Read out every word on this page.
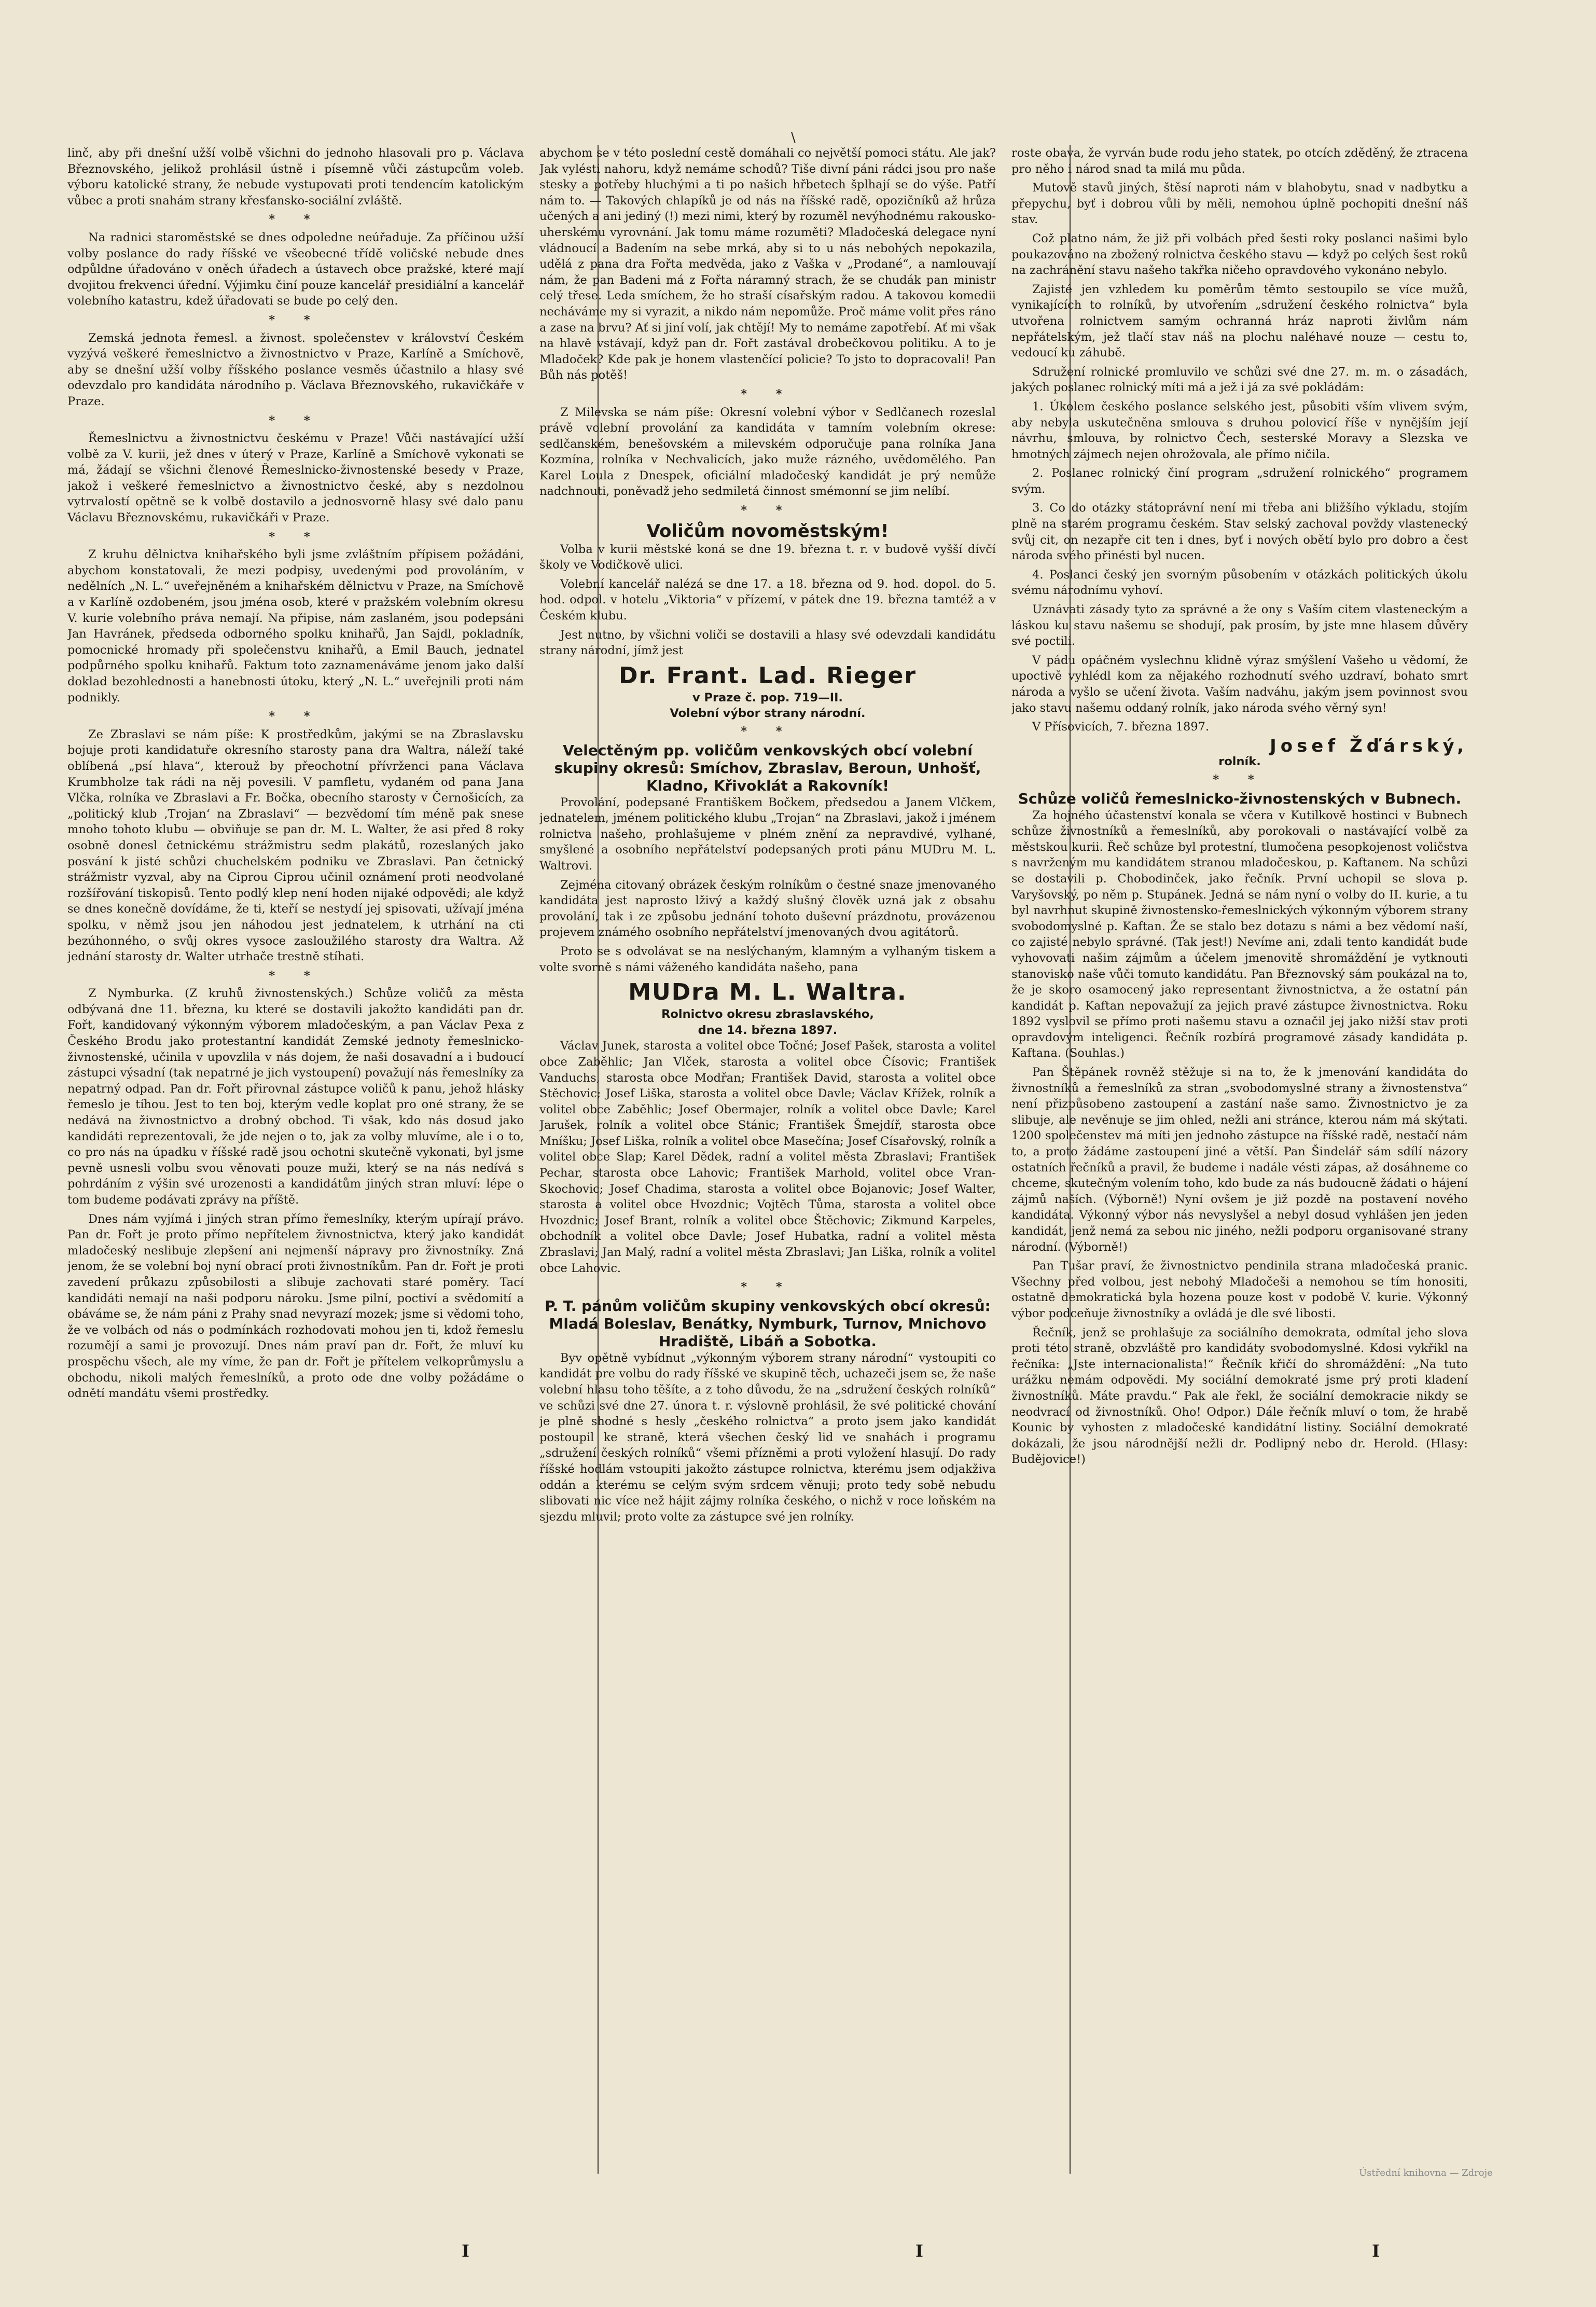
\

linč, aby při dnešní užší volbě všichni do jednoho hlasovali pro p. Václava Březnovského, jelikož prohlásil ústně i písemně vůči zástupcům voleb. výboru katolické strany, že nebude vystupovati proti tendencím katolickým vůbec a proti snahám strany křesťansko-sociální zvláště.

* *

Na radnici staroměstské se dnes odpoledne neúřaduje. Za příčinou užší volby poslance do rady říšské ve všeobecné třídě voličské nebude dnes odpůldne úřadováno v oněch úřadech a ústavech obce pražské, které mají dvojitou frekvenci úřední. Výjimku činí pouze kancelář presidiální a kancelář volebního katastru, kdež úřadovati se bude po celý den.

* *

Zemská jednota řemesl. a živnost. společenstev v království Českém vyzývá veškeré řemeslnictvo a živnostnictvo v Praze, Karlíně a Smíchově, aby se dnešní užší volby říšského poslance vesměs účastnilo a hlasy své odevzdalo pro kandidáta národního p. Václava Březnovského, rukavičkáře v Praze.

* *

Řemeslnictvu a živnostnictvu českému v Praze! Vůči nastávající užší volbě za V. kurii, jež dnes v úterý v Praze, Karlíně a Smíchově vykonati se má, žádají se všichni členové Řemeslnicko-živnostenské besedy v Praze, jakož i veškeré řemeslnictvo a živnostnictvo české, aby s nezdolnou vytrvalostí opětně se k volbě dostavilo a jednosvorně hlasy své dalo panu Václavu Březnovskému, rukavičkáři v Praze.

* *

Z kruhu dělnictva knihařského byli jsme zvláštním přípisem požádáni, abychom konstatovali, že mezi podpisy, uvedenými pod provoláním, v nedělních „N. L.“ uveřejněném a knihařském dělnictvu v Praze, na Smíchově a v Karlíně ozdobeném, jsou jména osob, které v pražském volebním okresu V. kurie volebního práva nemají. Na připise, nám zaslaném, jsou podepsáni Jan Havránek, předseda odborného spolku knihařů, Jan Sajdl, pokladník, pomocnické hromady při společenstvu knihařů, a Emil Bauch, jednatel podpůrného spolku knihařů. Faktum toto zaznamenáváme jenom jako další doklad bezohlednosti a hanebnosti útoku, který „N. L.“ uveřejnili proti nám podnikly.

* *

Ze Zbraslavi se nám píše: K prostředkům, jakými se na Zbraslavsku bojuje proti kandidatuře okresního starosty pana dra Waltra, náleží také oblíbená „psí hlava“, kterouž by přeochotní přívrženci pana Václava Krumbholze tak rádi na něj povesili. V pamfletu, vydaném od pana Jana Vlčka, rolníka ve Zbraslavi a Fr. Bočka, obecního starosty v Černošicích, za „politický klub ‚Trojan‘ na Zbraslavi“ — bezvědomí tím méně pak snese mnoho tohoto klubu — obviňuje se pan dr. M. L. Walter, že asi před 8 roky osobně donesl četnickému strážmistru sedm plakátů, rozeslaných jako posvání k jisté schůzi chuchelském podniku ve Zbraslavi. Pan četnický strážmistr vyzval, aby na Ciprou Ciprou učinil oznámení proti neodvolané rozšířování tiskopisů. Tento podlý klep není hoden nijaké odpovědi; ale když se dnes konečně dovídáme, že ti, kteří se nestydí jej spisovati, užívají jména spolku, v němž jsou jen náhodou jest jednatelem, k utrhání na cti bezúhonného, o svůj okres vysoce zasloužilého starosty dra Waltra. Až jednání starosty dr. Walter utrhače trestně stíhati.

* *

Z Nymburka. (Z kruhů živnostenských.) Schůze voličů za města odbývaná dne 11. března, ku které se dostavili jakožto kandidáti pan dr. Fořt, kandidovaný výkonným výborem mladočeským, a pan Václav Pexa z Českého Brodu jako protestantní kandidát Zemské jednoty řemeslnicko-živnostenské, učinila v upovzlila v nás dojem, že naši dosavadní a i budoucí zástupci výsadní (tak nepatrné je jich vystoupení) považují nás řemeslníky za nepatrný odpad. Pan dr. Fořt přirovnal zástupce voličů k panu, jehož hlásky řemeslo je tíhou. Jest to ten boj, kterým vedle koplat pro oné strany, že se nedává na živnostnictvo a drobný obchod. Ti však, kdo nás dosud jako kandidáti reprezentovali, že jde nejen o to, jak za volby mluvíme, ale i o to, co pro nás na úpadku v říšské radě jsou ochotni skutečně vykonati, byl jsme pevně usnesli volbu svou věnovati pouze muži, který se na nás nedívá s pohrdáním z výšin své urozenosti a kandidátům jiných stran mluví: lépe o tom budeme podávati zprávy na příště.

Dnes nám vyjímá i jiných stran přímo řemeslníky, kterým upírají právo. Pan dr. Fořt je proto přímo nepřítelem živnostnictva, který jako kandidát mladočeský neslibuje zlepšení ani nejmenší nápravy pro živnostníky. Zná jenom, že se volební boj nyní obrací proti živnostníkům. Pan dr. Fořt je proti zavedení průkazu způsobilosti a slibuje zachovati staré poměry. Tací kandidáti nemají na naši podporu nároku. Jsme pilní, poctiví a svědomití a obáváme se, že nám páni z Prahy snad nevyrazí mozek; jsme si vědomi toho, že ve volbách od nás o podmínkách rozhodovati mohou jen ti, kdož řemeslu rozumějí a sami je provozují. Dnes nám praví pan dr. Fořt, že mluví ku prospěchu všech, ale my víme, že pan dr. Fořt je přítelem velkoprůmyslu a obchodu, nikoli malých řemeslníků, a proto ode dne volby požádáme o odnětí mandátu všemi prostředky.

abychom se v této poslední cestě domáhali co největší pomoci státu. Ale jak? Jak vylésti nahoru, když nemáme schodů? Tiše divní páni rádci jsou pro naše stesky a potřeby hluchými a ti po našich hřbetech šplhají se do výše. Patří nám to. — Takových chlapíků je od nás na říšské radě, opozičníků až hrůza učených a ani jediný (!) mezi nimi, který by rozuměl nevýhodnému rakousko-uherskému vyrovnání. Jak tomu máme rozuměti? Mladočeská delegace nyní vládnoucí a Badením na sebe mrká, aby si to u nás nebohých nepokazila, udělá z pana dra Fořta medvěda, jako z Vaška v „Prodané“, a namlouvají nám, že pan Badeni má z Fořta náramný strach, že se chudák pan ministr celý třese. Leda smíchem, že ho straší císařským radou. A takovou komedii necháváme my si vyrazit, a nikdo nám nepomůže. Proč máme volit přes ráno a zase na brvu? Ať si jiní volí, jak chtějí! My to nemáme zapotřebí. Ať mi však na hlavě vstávají, když pan dr. Fořt zastával drobečkovou politiku. A to je Mladoček? Kde pak je honem vlastenčící policie? To jsto to dopracovali! Pan Bůh nás potěš!

* *

Z Milevska se nám píše: Okresní volební výbor v Sedlčanech rozeslal právě volební provolání za kandidáta v tamním volebním okrese: sedlčanském, benešovském a milevském odporučuje pana rolníka Jana Kozmína, rolníka v Nechvalicích, jako muže rázného, uvědomělého. Pan Karel Loula z Dnespek, oficiální mladočeský kandidát je prý nemůže nadchnouti, poněvadž jeho sedmiletá činnost smémonní se jim nelíbí.

* *
Voličům novoměstským!

Volba v kurii městské koná se dne 19. března t. r. v budově vyšší dívčí školy ve Vodičkově ulici.

Volební kancelář nalézá se dne 17. a 18. března od 9. hod. dopol. do 5. hod. odpol. v hotelu „Viktoria“ v přízemí, v pátek dne 19. března tamtéž a v Českém klubu.

Jest nutno, by všichni voliči se dostavili a hlasy své odevzdali kandidátu strany národní, jímž jest

Dr. Frant. Lad. Rieger
v Praze č. pop. 719—II.
Volební výbor strany národní.
* *
Velectěným pp. voličům venkovských obcí volební skupiny okresů: Smíchov, Zbraslav, Beroun, Unhošť, Kladno, Křivoklát a Rakovník!

Provolání, podepsané Františkem Bočkem, předsedou a Janem Vlčkem, jednatelem, jménem politického klubu „Trojan“ na Zbraslavi, jakož i jménem rolnictva našeho, prohlašujeme v plném znění za nepravdivé, vylhané, smyšlené a osobního nepřátelství podepsaných proti pánu MUDru M. L. Waltrovi.

Zejména citovaný obrázek českým rolníkům o čestné snaze jmenovaného kandidáta jest naprosto lživý a každý slušný člověk uzná jak z obsahu provolání, tak i ze způsobu jednání tohoto duševní prázdnotu, provázenou projevem známého osobního nepřátelství jmenovaných dvou agitátorů.

Proto se s odvolávat se na neslýchaným, klamným a vylhaným tiskem a volte svorně s námi váženého kandidáta našeho, pana

MUDra M. L. Waltra.
Rolnictvo okresu zbraslavského,
dne 14. března 1897.

Václav Junek, starosta a volitel obce Točné; Josef Pašek, starosta a volitel obce Zaběhlic; Jan Vlček, starosta a volitel obce Čísovic; František Vanduchs, starosta obce Modřan; František David, starosta a volitel obce Stěchovic; Josef Liška, starosta a volitel obce Davle; Václav Křížek, rolník a volitel obce Zaběhlic; Josef Obermajer, rolník a volitel obce Davle; Karel Jarušek, rolník a volitel obce Stánic; František Šmejdíř, starosta obce Mníšku; Josef Liška, rolník a volitel obce Masečína; Josef Císařovský, rolník a volitel obce Slap; Karel Dědek, radní a volitel města Zbraslavi; František Pechar, starosta obce Lahovic; František Marhold, volitel obce Vran-Skochovic; Josef Chadima, starosta a volitel obce Bojanovic; Josef Walter, starosta a volitel obce Hvozdnic; Vojtěch Tůma, starosta a volitel obce Hvozdnic; Josef Brant, rolník a volitel obce Štěchovic; Zikmund Karpeles, obchodník a volitel obce Davle; Josef Hubatka, radní a volitel města Zbraslavi; Jan Malý, radní a volitel města Zbraslavi; Jan Liška, rolník a volitel obce Lahovic.

* *
P. T. pánům voličům skupiny venkovských obcí okresů: Mladá Boleslav, Benátky, Nymburk, Turnov, Mnichovo Hradiště, Libáň a Sobotka.

Byv opětně vybídnut „výkonným výborem strany národní“ vystoupiti co kandidát pre volbu do rady říšské ve skupině těch, uchazeči jsem se, že naše volební hlasu toho těšíte, a z toho důvodu, že na „sdružení českých rolníků“ ve schůzi své dne 27. února t. r. výslovně prohlásil, že své politické chování je plně shodné s hesly „českého rolnictva“ a proto jsem jako kandidát postoupil ke straně, která všechen český lid ve snahách i programu „sdružení českých rolníků“ všemi přízněmi a proti vyložení hlasují. Do rady říšské hodlám vstoupiti jakožto zástupce rolnictva, kterému jsem odjakživa oddán a kterému se celým svým srdcem věnuji; proto tedy sobě nebudu slibovati nic více než hájit zájmy rolníka českého, o nichž v roce loňském na sjezdu mluvil; proto volte za zástupce své jen rolníky.

roste obava, že vyrván bude rodu jeho statek, po otcích zděděný, že ztracena pro něho i národ snad ta milá mu půda.

Mutově stavů jiných, štěsí naproti nám v blahobytu, snad v nadbytku a přepychu, byť i dobrou vůli by měli, nemohou úplně pochopiti dnešní náš stav.

Což platno nám, že již při volbách před šesti roky poslanci našimi bylo poukazováno na zbožený rolnictva českého stavu — když po celých šest roků na zachránění stavu našeho takřka ničeho opravdového vykonáno nebylo.

Zajisté jen vzhledem ku poměrům těmto sestoupilo se více mužů, vynikajících to rolníků, by utvořením „sdružení českého rolnictva“ byla utvořena rolnictvem samým ochranná hráz naproti živlům nám nepřátelským, jež tlačí stav náš na plochu naléhavé nouze — cestu to, vedoucí ku záhubě.

Sdružení rolnické promluvilo ve schůzi své dne 27. m. m. o zásadách, jakých poslanec rolnický míti má a jež i já za své pokládám:

1. Úkolem českého poslance selského jest, působiti vším vlivem svým, aby nebyla uskutečněna smlouva s druhou polovicí říše v nynějším její návrhu, smlouva, by rolnictvo Čech, sesterské Moravy a Slezska ve hmotných zájmech nejen ohrožovala, ale přímo ničila.

2. Poslanec rolnický činí program „sdružení rolnického“ programem svým.

3. Co do otázky státoprávní není mi třeba ani bližšího výkladu, stojím plně na starém programu českém. Stav selský zachoval povždy vlastenecký svůj cit, on nezapře cit ten i dnes, byť i nových obětí bylo pro dobro a čest národa svého přinésti byl nucen.

4. Poslanci český jen svorným působením v otázkách politických úkolu svému národnímu vyhoví.

Uznávati zásady tyto za správné a že ony s Vaším citem vlasteneckým a láskou ku stavu našemu se shodují, pak prosím, by jste mne hlasem důvěry své poctili.

V pádu opáčném vyslechnu klidně výraz smýšlení Vašeho u vědomí, že upoctivě vyhlédl kom za nějakého rozhodnutí svého uzdraví, bohato smrt národa a vyšlo se učení života. Vaším nadváhu, jakým jsem povinnost svou jako stavu našemu oddaný rolník, jako národa svého věrný syn!

V Přísovicích, 7. března 1897.

Josef Žďárský,
rolník.
* *
Schůze voličů řemeslnicko-živnostenských v Bubnech.

Za hojného účastenství konala se včera v Kutilkově hostinci v Bubnech schůze živnostníků a řemeslníků, aby porokovali o nastávající volbě za městskou kurii. Řeč schůze byl protestní, tlumočena pesopkojenost voličstva s navrženým mu kandidátem stranou mladočeskou, p. Kaftanem. Na schůzi se dostavili p. Chobodinček, jako řečník. První uchopil se slova p. Varyšovský, po něm p. Stupánek. Jedná se nám nyní o volby do II. kurie, a tu byl navrhnut skupině živnostensko-řemeslnických výkonným výborem strany svobodomyslné p. Kaftan. Že se stalo bez dotazu s námi a bez vědomí naší, co zajisté nebylo správné. (Tak jest!) Nevíme ani, zdali tento kandidát bude vyhovovati našim zájmům a účelem jmenovitě shromáždění je vytknouti stanovisko naše vůči tomuto kandidátu. Pan Březnovský sám poukázal na to, že je skoro osamocený jako representant živnostnictva, a že ostatní pán kandidát p. Kaftan nepovažují za jejich pravé zástupce živnostnictva. Roku 1892 vyslovil se přímo proti našemu stavu a označil jej jako nižší stav proti opravdovým inteligenci. Řečník rozbírá programové zásady kandidáta p. Kaftana. (Souhlas.)

Pan Štěpánek rovněž stěžuje si na to, že k jmenování kandidáta do živnostníků a řemeslníků za stran „svobodomyslné strany a živnostenstva“ není přizpůsobeno zastoupení a zastání naše samo. Živnostnictvo je za slibuje, ale nevěnuje se jim ohled, nežli ani stránce, kterou nám má skýtati. 1200 společenstev má míti jen jednoho zástupce na říšské radě, nestačí nám to, a proto žádáme zastoupení jiné a větší. Pan Šindelář sám sdílí názory ostatních řečníků a pravil, že budeme i nadále vésti zápas, až dosáhneme co chceme, skutečným volením toho, kdo bude za nás budoucně žádati o hájení zájmů naších. (Výborně!) Nyní ovšem je již pozdě na postavení nového kandidáta. Výkonný výbor nás nevyslyšel a nebyl dosud vyhlášen jen jeden kandidát, jenž nemá za sebou nic jiného, nežli podporu organisované strany národní. (Výborně!)

Pan Tušar praví, že živnostnictvo pendinila strana mladočeská pranic. Všechny před volbou, jest nebohý Mladočeši a nemohou se tím honositi, ostatně demokratická byla hozena pouze kost v podobě V. kurie. Výkonný výbor podceňuje živnostníky a ovládá je dle své libosti.

Řečník, jenž se prohlašuje za sociálního demokrata, odmítal jeho slova proti této straně, obzvláště pro kandidáty svobodomyslné. Kdosi vykřikl na řečníka: „Jste internacionalista!“ Řečník křičí do shromáždění: „Na tuto urážku nemám odpovědi. My sociální demokraté jsme prý proti kladení živnostníků. Máte pravdu.“ Pak ale řekl, že sociální demokracie nikdy se neodvrací od živnostníků. Oho! Odpor.) Dále řečník mluví o tom, že hrabě Kounic by vyhosten z mladočeské kandidátní listiny. Sociální demokraté dokázali, že jsou národnější nežli dr. Podlipný nebo dr. Herold. (Hlasy: Budějovice!)

Ústřední knihovna — Zdroje
I	I	I
